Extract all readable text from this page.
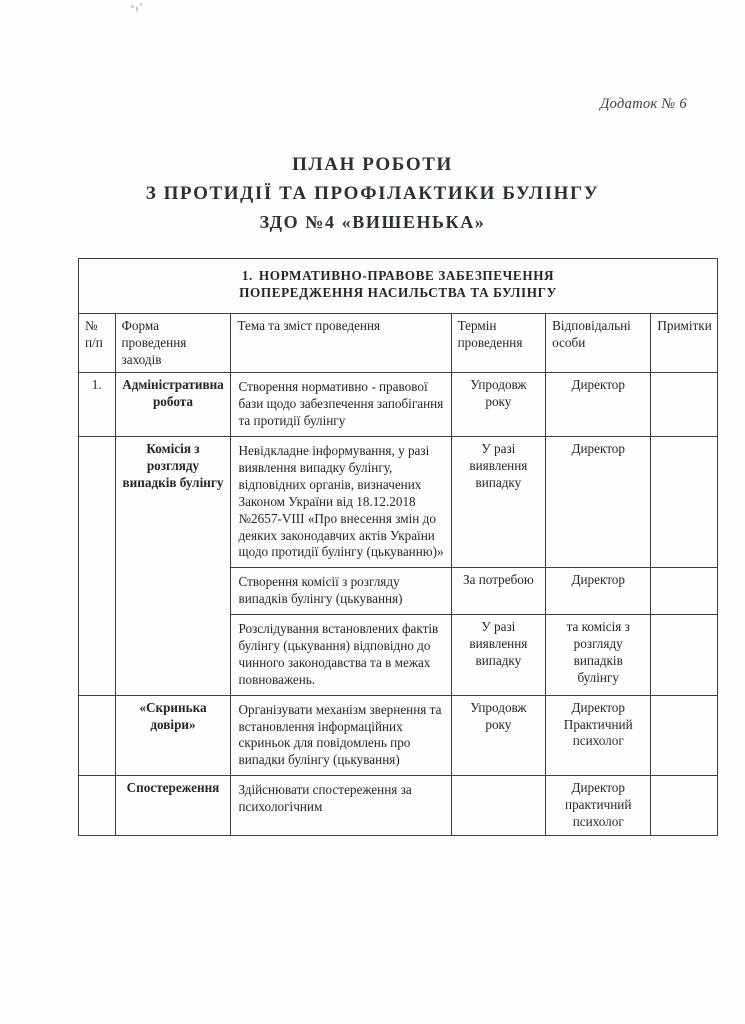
Додаток № 6
ПЛАН РОБОТИ
З ПРОТИДІЇ ТА ПРОФІЛАКТИКИ БУЛІНГУ
ЗДО №4 «ВИШЕНЬКА»
1. НОРМАТИВНО-ПРАВОВЕ ЗАБЕЗПЕЧЕННЯ
ПОПЕРЕДЖЕННЯ НАСИЛЬСТВА ТА БУЛІНГУ					
№ п/п	Форма проведення заходів	Тема та зміст проведення	Термін проведення	Відповідальні особи	Примітки
1.	Адміністративна робота	Створення нормативно - правової бази щодо забезпечення запобігання та протидії булінгу	Упродовж року	Директор	
	Комісія з розгляду випадків булінгу	Невідкладне інформування, у разі виявлення випадку булінгу, відповідних органів, визначених Законом України від 18.12.2018 №2657-VIII «Про внесення змін до деяких законодавчих актів України щодо протидії булінгу (цькуванню)»	У разі виявлення випадку	Директор	
		Створення комісії з розгляду випадків булінгу (цькування)	За потребою	Директор	
		Розслідування встановлених фактів булінгу (цькування) відповідно до чинного законодавства та в межах повноважень.	У разі виявлення випадку	та комісія з розгляду випадків булінгу	
	«Скринька довіри»	Організувати механізм звернення та встановлення інформаційних скриньок для повідомлень про випадки булінгу (цькування)	Упродовж року	Директор Практичний психолог	
	Спостереження	Здійснювати спостереження за психологічним		Директор практичний психолог	
